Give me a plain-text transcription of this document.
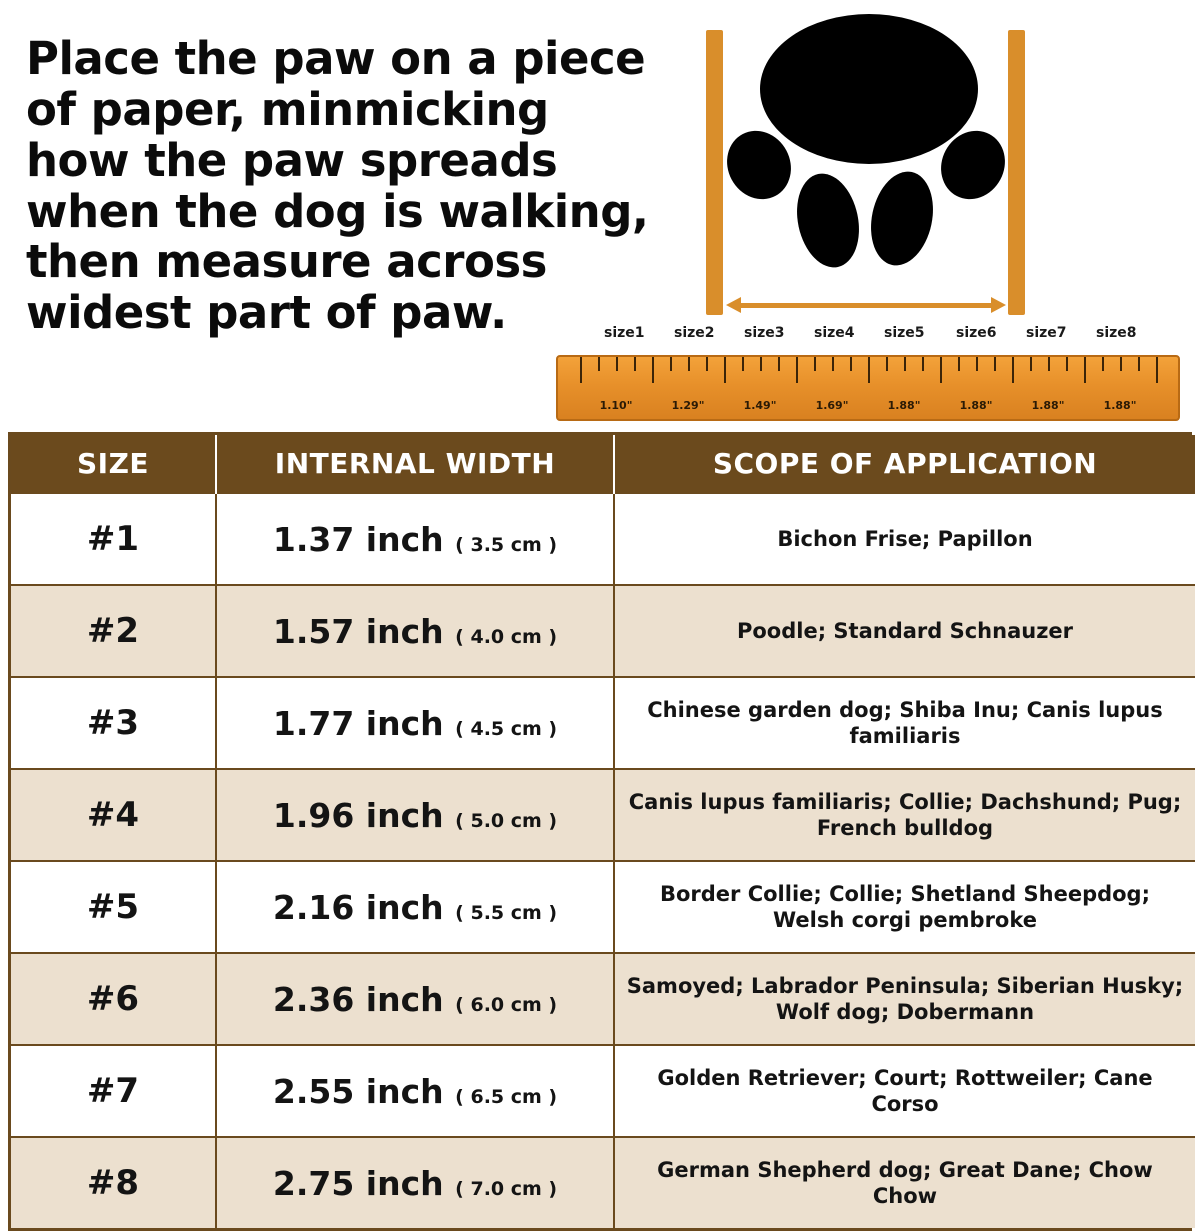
Place the paw on a piece of paper, minmicking how the paw spreads when the dog is walking, then measure across widest part of paw.	size1 size2 size3 size4 size5 size6 size7 size8
1.10"	1.29"	1.49"	1.69"	1.88"	1.88"	1.88"	1.88"
SIZE	INTERNAL WIDTH	SCOPE OF APPLICATION
#1	1.37 inch ( 3.5 cm )	Bichon Frise; Papillon
#2	1.57 inch ( 4.0 cm )	Poodle; Standard Schnauzer
#3	1.77 inch ( 4.5 cm )	Chinese garden dog; Shiba Inu; Canis lupus familiaris
#4	1.96 inch ( 5.0 cm )	Canis lupus familiaris; Collie; Dachshund; Pug; French bulldog
#5	2.16 inch ( 5.5 cm )	Border Collie; Collie; Shetland Sheepdog; Welsh corgi pembroke
#6	2.36 inch ( 6.0 cm )	Samoyed; Labrador Peninsula; Siberian Husky; Wolf dog; Dobermann
#7	2.55 inch ( 6.5 cm )	Golden Retriever; Court; Rottweiler; Cane Corso
#8	2.75 inch ( 7.0 cm )	German Shepherd dog; Great Dane; Chow Chow
